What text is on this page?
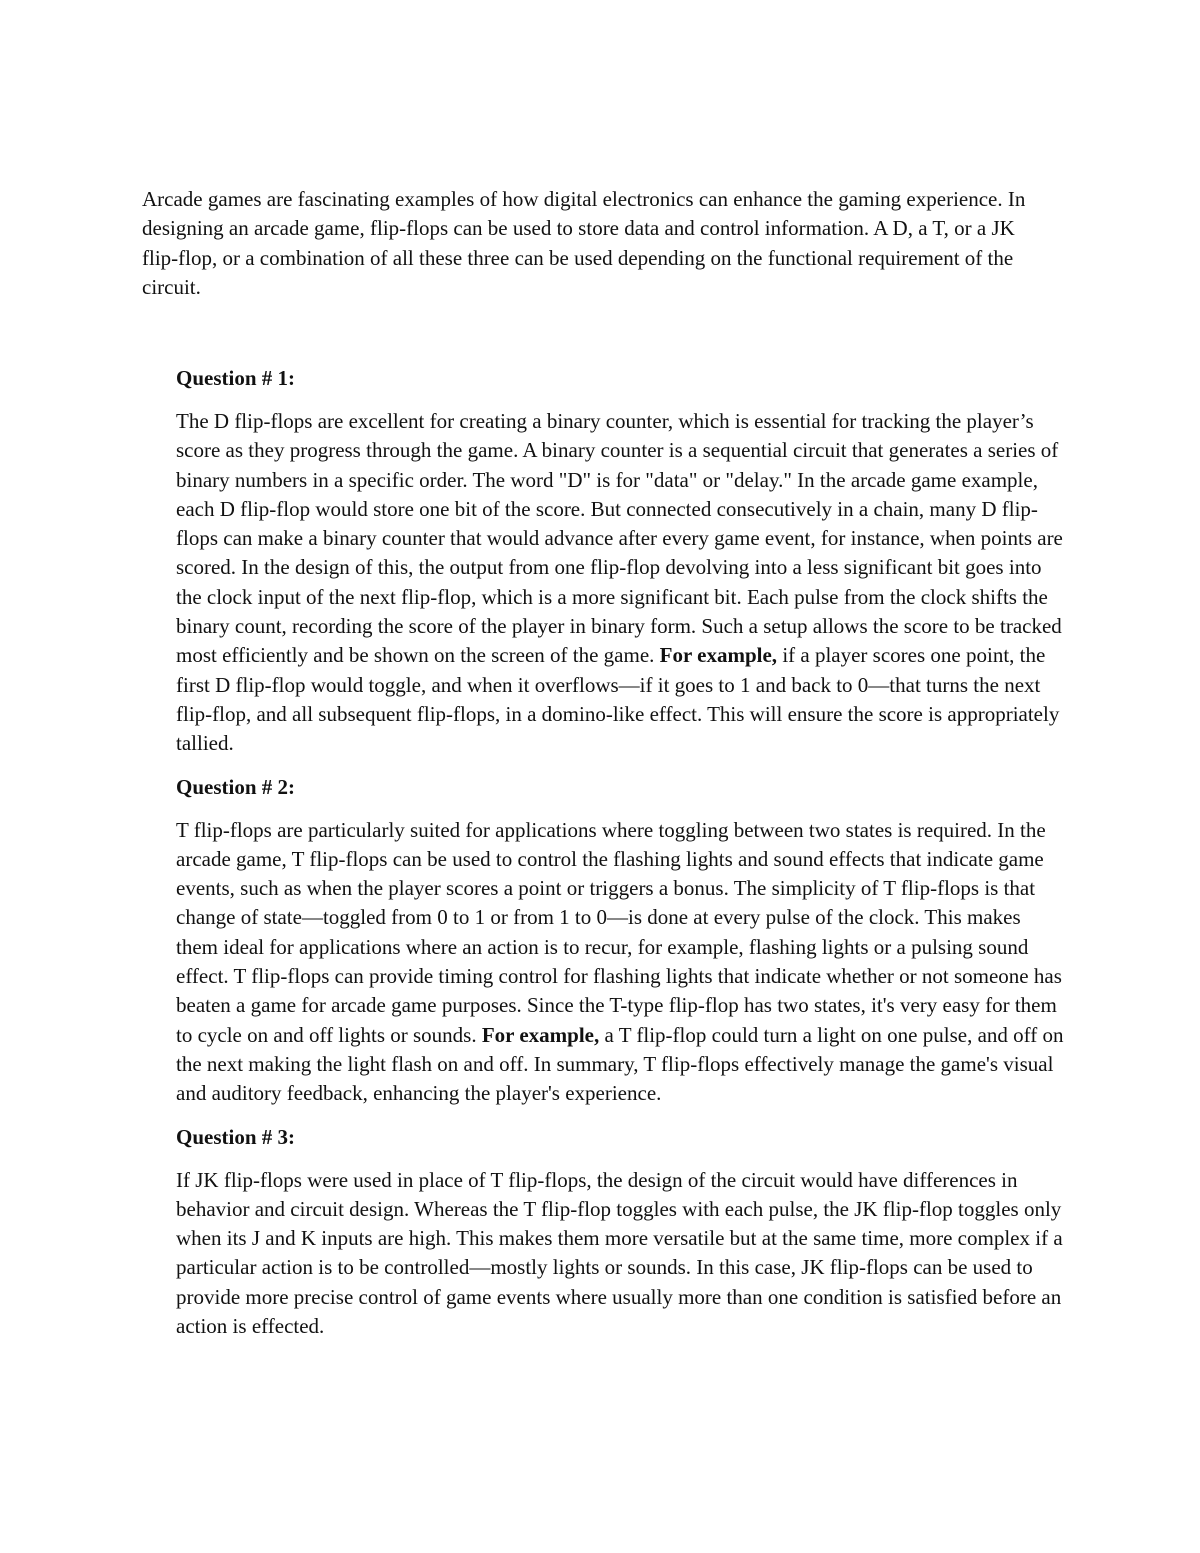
Arcade games are fascinating examples of how digital electronics can enhance the gaming experience. In designing an arcade game, flip-flops can be used to store data and control information. A D, a T, or a JK flip-flop, or a combination of all these three can be used depending on the functional requirement of the circuit.

Question # 1:

The D flip-flops are excellent for creating a binary counter, which is essential for tracking the player’s score as they progress through the game. A binary counter is a sequential circuit that generates a series of binary numbers in a specific order. The word "D" is for "data" or "delay." In the arcade game example, each D flip-flop would store one bit of the score. But connected consecutively in a chain, many D flip-flops can make a binary counter that would advance after every game event, for instance, when points are scored. In the design of this, the output from one flip-flop devolving into a less significant bit goes into the clock input of the next flip-flop, which is a more significant bit. Each pulse from the clock shifts the binary count, recording the score of the player in binary form. Such a setup allows the score to be tracked most efficiently and be shown on the screen of the game. For example, if a player scores one point, the first D flip-flop would toggle, and when it overflows—if it goes to 1 and back to 0—that turns the next flip-flop, and all subsequent flip-flops, in a domino-like effect. This will ensure the score is appropriately tallied.

Question # 2:

T flip-flops are particularly suited for applications where toggling between two states is required. In the arcade game, T flip-flops can be used to control the flashing lights and sound effects that indicate game events, such as when the player scores a point or triggers a bonus. The simplicity of T flip-flops is that change of state—toggled from 0 to 1 or from 1 to 0—is done at every pulse of the clock. This makes them ideal for applications where an action is to recur, for example, flashing lights or a pulsing sound effect. T flip-flops can provide timing control for flashing lights that indicate whether or not someone has beaten a game for arcade game purposes. Since the T-type flip-flop has two states, it's very easy for them to cycle on and off lights or sounds. For example, a T flip-flop could turn a light on one pulse, and off on the next making the light flash on and off. In summary, T flip-flops effectively manage the game's visual and auditory feedback, enhancing the player's experience.

Question # 3:

If JK flip-flops were used in place of T flip-flops, the design of the circuit would have differences in behavior and circuit design. Whereas the T flip-flop toggles with each pulse, the JK flip-flop toggles only when its J and K inputs are high. This makes them more versatile but at the same time, more complex if a particular action is to be controlled—mostly lights or sounds. In this case, JK flip-flops can be used to provide more precise control of game events where usually more than one condition is satisfied before an action is effected.
